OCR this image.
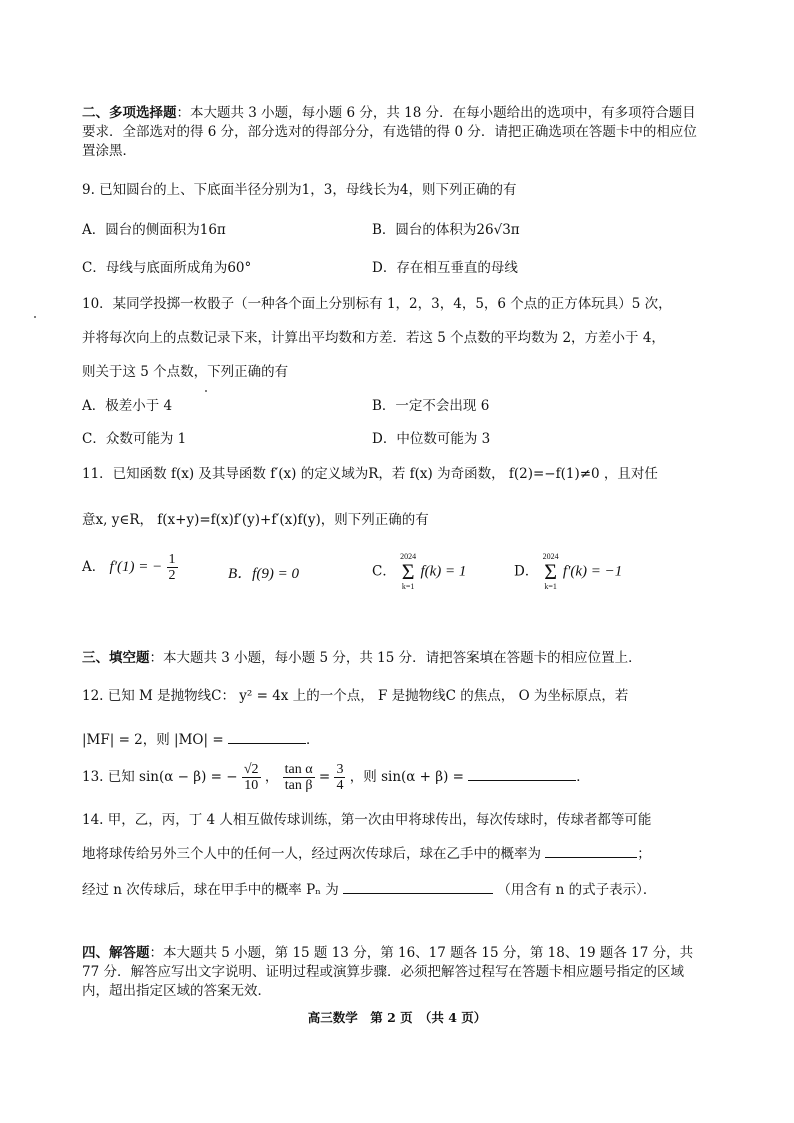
二、多项选择题：本大题共 3 小题，每小题 6 分，共 18 分．在每小题给出的选项中，有多项符合题目要求．全部选对的得 6 分，部分选对的得部分分，有选错的得 0 分．请把正确选项在答题卡中的相应位置涂黑．
9. 已知圆台的上、下底面半径分别为1，3，母线长为4，则下列正确的有
A．圆台的侧面积为16π	B．圆台的体积为26√3π
C．母线与底面所成角为60°	D．存在相互垂直的母线
10．某同学投掷一枚骰子（一种各个面上分别标有 1，2，3，4，5，6 个点的正方体玩具）5 次，
并将每次向上的点数记录下来，计算出平均数和方差．若这 5 个点数的平均数为 2，方差小于 4，
则关于这 5 个点数，下列正确的有
A．极差小于 4	B．一定不会出现 6
C．众数可能为 1	D．中位数可能为 3
11．已知函数 f(x) 及其导函数 f′(x) 的定义域为R，若 f(x) 为奇函数， f(2)=−f(1)≠0 ，且对任
意x, y∈R， f(x+y)=f(x)f′(y)+f′(x)f(y)，则下列正确的有
A． f′(1) = − $\frac{1}{2}$	B．f(9) = 0	C．
2024
Σ
k=1
f(k) = 1	D．
2024
Σ
k=1
f′(k) = −1
三、填空题：本大题共 3 小题，每小题 5 分，共 15 分．请把答案填在答题卡的相应位置上．
12. 已知 M 是抛物线C： y² = 4x 上的一个点， F 是抛物线C 的焦点， O 为坐标原点，若
|MF| = 2，则 |MO| =	．
13. 已知 sin(α − β) = − $\frac{√2}{10}$ ， $\frac{\text{tan α}}{\text{tan β}} = \frac{3}{4}$ ，则 sin(α + β) =	．
14. 甲，乙，丙，丁 4 人相互做传球训练，第一次由甲将球传出，每次传球时，传球者都等可能
地将球传给另外三个人中的任何一人，经过两次传球后，球在乙手中的概率为	；
经过 n 次传球后，球在甲手中的概率 Pₙ 为	（用含有 n 的式子表示）．
四、解答题：本大题共 5 小题，第 15 题 13 分，第 16、17 题各 15 分，第 18、19 题各 17 分，共 77 分．解答应写出文字说明、证明过程或演算步骤．必须把解答过程写在答题卡相应题号指定的区域内，超出指定区域的答案无效．
高三数学　第 2 页　（共 4 页）
